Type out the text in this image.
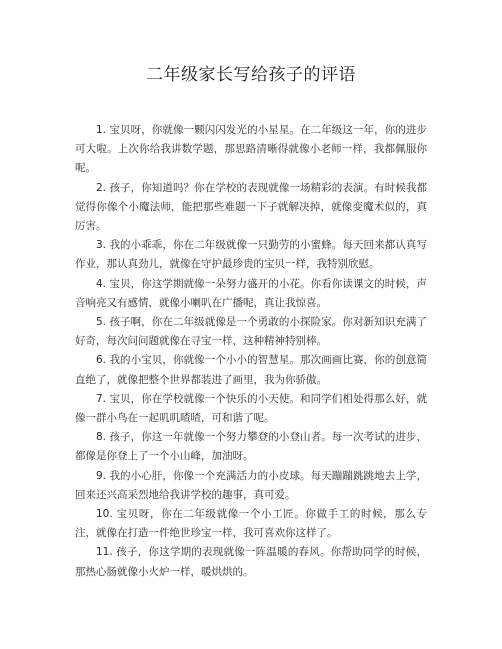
二年级家长写给孩子的评语

1. 宝贝呀，你就像一颗闪闪发光的小星星。在二年级这一年，你的进步可大啦。上次你给我讲数学题，那思路清晰得就像小老师一样，我都佩服你呢。

2. 孩子，你知道吗？你在学校的表现就像一场精彩的表演。有时候我都觉得你像个小魔法师，能把那些难题一下子就解决掉，就像变魔术似的，真厉害。

3. 我的小乖乖，你在二年级就像一只勤劳的小蜜蜂。每天回来都认真写作业，那认真劲儿，就像在守护最珍贵的宝贝一样，我特别欣慰。

4. 宝贝，你这学期就像一朵努力盛开的小花。你看你读课文的时候，声音响亮又有感情，就像小喇叭在广播呢，真让我惊喜。

5. 孩子啊，你在二年级就像是一个勇敢的小探险家。你对新知识充满了好奇，每次问问题就像在寻宝一样，这种精神特别棒。

6. 我的小宝贝，你就像一个小小的智慧星。那次画画比赛，你的创意简直绝了，就像把整个世界都装进了画里，我为你骄傲。

7. 宝贝，你在学校就像一个快乐的小天使。和同学们相处得那么好，就像一群小鸟在一起叽叽喳喳，可和谐了呢。

8. 孩子，你这一年就像一个努力攀登的小登山者。每一次考试的进步，都像是你登上了一个小山峰，加油呀。

9. 我的小心肝，你像一个充满活力的小皮球。每天蹦蹦跳跳地去上学，回来还兴高采烈地给我讲学校的趣事，真可爱。

10. 宝贝呀，你在二年级就像一个小工匠。你做手工的时候，那么专注，就像在打造一件绝世珍宝一样，我可喜欢你这样了。

11. 孩子，你这学期的表现就像一阵温暖的春风。你帮助同学的时候，那热心肠就像小火炉一样，暖烘烘的。
